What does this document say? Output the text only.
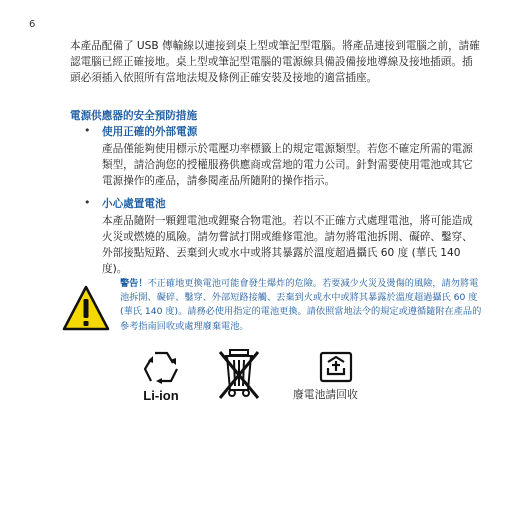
6

本產品配備了 USB 傳輸線以連接到桌上型或筆記型電腦。將產品連接到電腦之前，請確認電腦已經正確接地。桌上型或筆記型電腦的電源線具備設備接地導線及接地插頭。插頭必須插入依照所有當地法規及條例正確安裝及接地的適當插座。

電源供應器的安全預防措施
• 使用正確的外部電源

產品僅能夠使用標示於電壓功率標籤上的規定電源類型。若您不確定所需的電源類型，請洽詢您的授權服務供應商或當地的電力公司。針對需要使用電池或其它電源操作的產品，請參閱產品所隨附的操作指示。

• 小心處置電池

本產品隨附一顆鋰電池或鋰聚合物電池。若以不正確方式處理電池，將可能造成火災或燃燒的風險。請勿嘗試打開或維修電池。請勿將電池拆開、礙碎、鑿穿、外部接點短路、丟棄到火或水中或將其暴露於溫度超過攝氏 60 度 (華氏 140 度)。

警告！不正確地更換電池可能會發生爆炸的危險。若要減少火災及燙傷的風險，請勿將電池拆開、礙碎、鑿穿、外部短路接觸、丟棄到火或水中或將其暴露於溫度超過攝氏 60 度 (華氏 140 度)。請務必使用指定的電池更換。請依照當地法令的規定或遵循隨附在產品的參考指南回收或處理廢棄電池。

Li-ion	廢電池請回收
